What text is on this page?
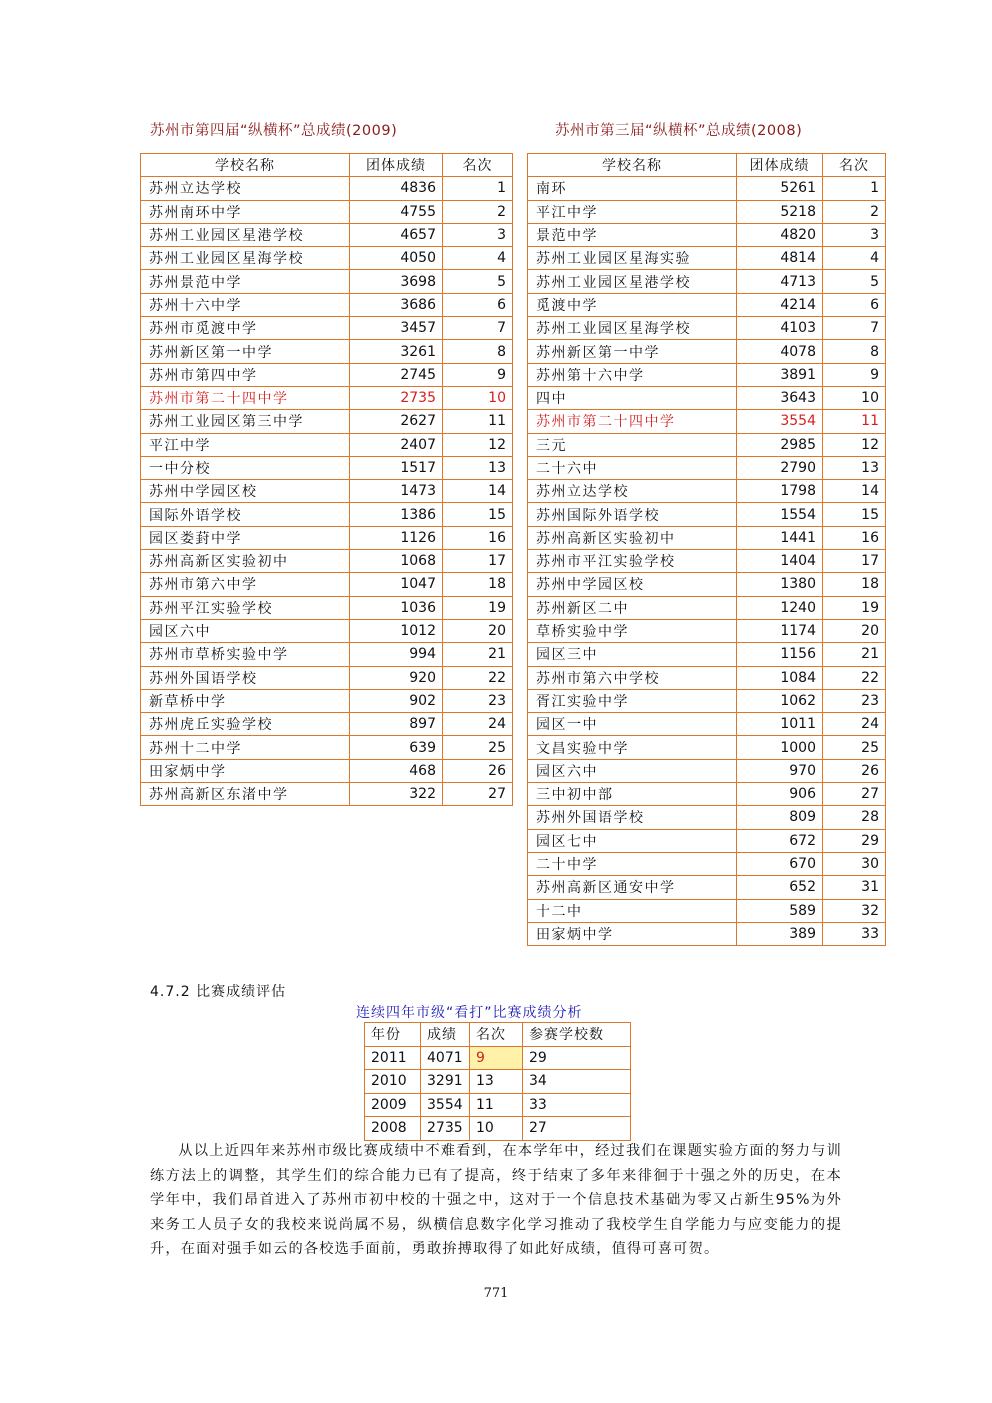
苏州市第四届“纵横杯”总成绩(2009)	苏州市第三届“纵横杯”总成绩(2008)
学校名称	团体成绩	名次
苏州立达学校	4836	1
苏州南环中学	4755	2
苏州工业园区星港学校	4657	3
苏州工业园区星海学校	4050	4
苏州景范中学	3698	5
苏州十六中学	3686	6
苏州市觅渡中学	3457	7
苏州新区第一中学	3261	8
苏州市第四中学	2745	9
苏州市第二十四中学	2735	10
苏州工业园区第三中学	2627	11
平江中学	2407	12
一中分校	1517	13
苏州中学园区校	1473	14
国际外语学校	1386	15
园区娄葑中学	1126	16
苏州高新区实验初中	1068	17
苏州市第六中学	1047	18
苏州平江实验学校	1036	19
园区六中	1012	20
苏州市草桥实验中学	994	21
苏州外国语学校	920	22
新草桥中学	902	23
苏州虎丘实验学校	897	24
苏州十二中学	639	25
田家炳中学	468	26
苏州高新区东渚中学	322	27
学校名称	团体成绩	名次
南环	5261	1
平江中学	5218	2
景范中学	4820	3
苏州工业园区星海实验	4814	4
苏州工业园区星港学校	4713	5
觅渡中学	4214	6
苏州工业园区星海学校	4103	7
苏州新区第一中学	4078	8
苏州第十六中学	3891	9
四中	3643	10
苏州市第二十四中学	3554	11
三元	2985	12
二十六中	2790	13
苏州立达学校	1798	14
苏州国际外语学校	1554	15
苏州高新区实验初中	1441	16
苏州市平江实验学校	1404	17
苏州中学园区校	1380	18
苏州新区二中	1240	19
草桥实验中学	1174	20
园区三中	1156	21
苏州市第六中学校	1084	22
胥江实验中学	1062	23
园区一中	1011	24
文昌实验中学	1000	25
园区六中	970	26
三中初中部	906	27
苏州外国语学校	809	28
园区七中	672	29
二十中学	670	30
苏州高新区通安中学	652	31
十二中	589	32
田家炳中学	389	33
4.7.2 比赛成绩评估
连续四年市级“看打”比赛成绩分析
年份	成绩	名次	参赛学校数
2011	4071	9	29
2010	3291	13	34
2009	3554	11	33
2008	2735	10	27

从以上近四年来苏州市级比赛成绩中不难看到，在本学年中，经过我们在课题实验方面的努力与训练方法上的调整，其学生们的综合能力已有了提高，终于结束了多年来徘徊于十强之外的历史，在本学年中，我们昂首进入了苏州市初中校的十强之中，这对于一个信息技术基础为零又占新生95%为外来务工人员子女的我校来说尚属不易，纵横信息数字化学习推动了我校学生自学能力与应变能力的提升，在面对强手如云的各校选手面前，勇敢拚搏取得了如此好成绩，值得可喜可贺。

771
